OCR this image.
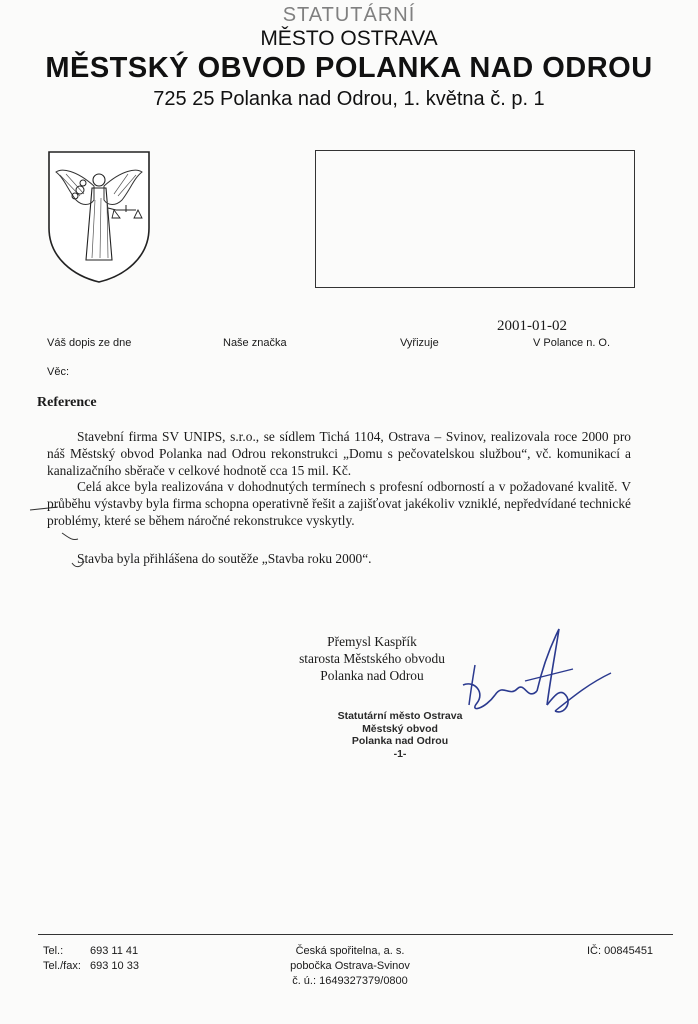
STATUTÁRNÍ
MĚSTO OSTRAVA
MĚSTSKÝ OBVOD POLANKA NAD ODROU
725 25 Polanka nad Odrou, 1. května č. p. 1
2001-01-02
Váš dopis ze dne	Naše značka	Vyřizuje	V Polance n. O.
Věc:
Reference
Stavební firma SV UNIPS, s.r.o., se sídlem Tichá 1104, Ostrava – Svinov, realizovala roce 2000 pro náš Městský obvod Polanka nad Odrou rekonstrukci „Domu s pečovatelskou službou“, vč. komunikací a kanalizačního sběrače v celkové hodnotě cca 15 mil. Kč.
Celá akce byla realizována v dohodnutých termínech s profesní odborností a v požadované kvalitě. V průběhu výstavby byla firma schopna operativně řešit a zajišťovat jakékoliv vzniklé, nepředvídané technické problémy, které se během náročné rekonstrukce vyskytly.
Stavba byla přihlášena do soutěže „Stavba roku 2000“.
Přemysl Kaspřík
starosta Městského obvodu
Polanka nad Odrou
Statutární město Ostrava
Městský obvod
Polanka nad Odrou
-1-
Tel.: 693 11 41
Tel./fax: 693 10 33
Česká spořitelna, a. s.
pobočka Ostrava-Svinov
č. ú.: 1649327379/0800
IČ: 00845451
